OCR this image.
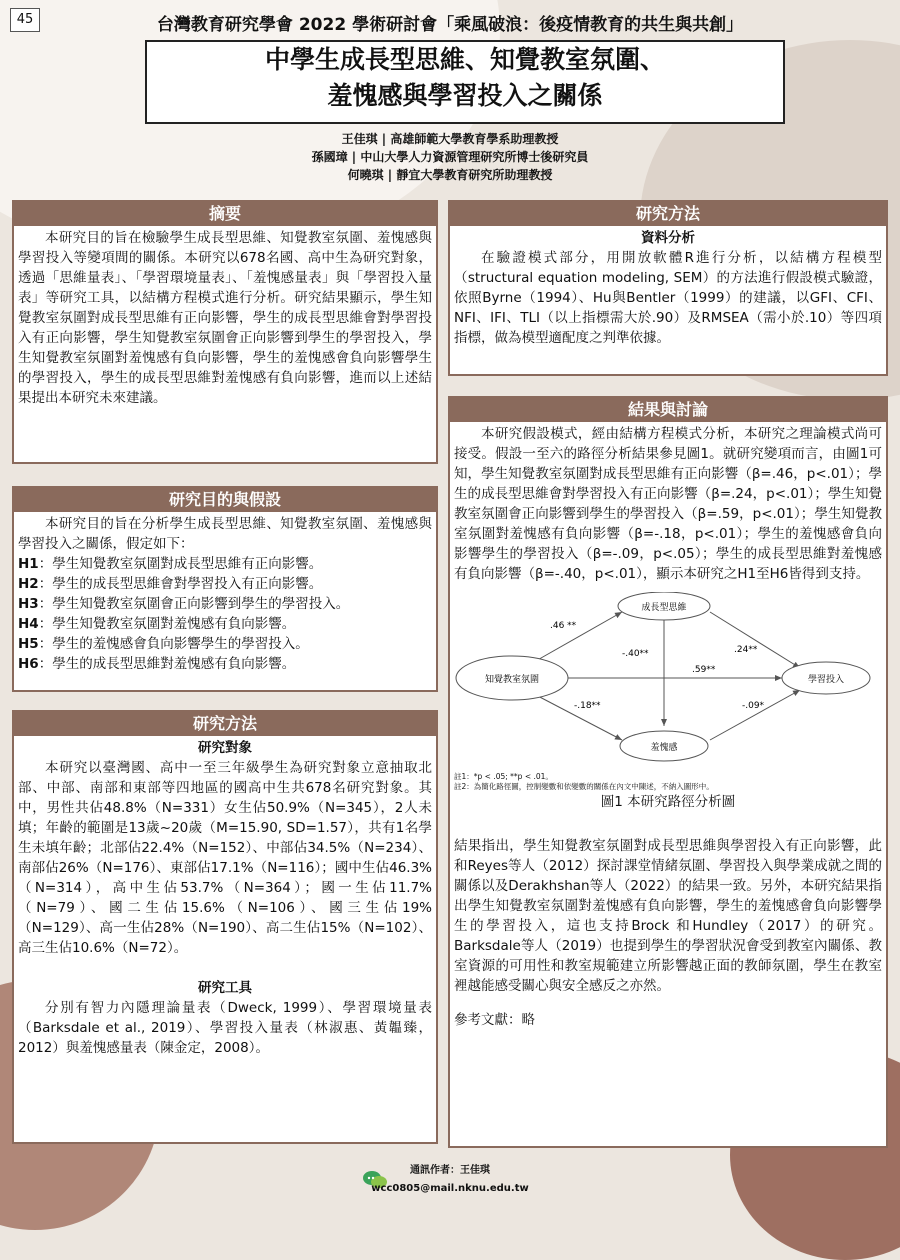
45	台灣教育研究學會 2022 學術研討會「乘風破浪：後疫情教育的共生與共創」
中學生成長型思維、知覺教室氛圍、
羞愧感與學習投入之關係
王佳琪 | 高雄師範大學教育學系助理教授
孫國璋 | 中山大學人力資源管理研究所博士後研究員
何曉琪 | 靜宜大學教育研究所助理教授
摘要

本研究目的旨在檢驗學生成長型思維、知覺教室氛圍、羞愧感與學習投入等變項間的關係。本研究以678名國、高中生為研究對象，透過「思維量表」、「學習環境量表」、「羞愧感量表」與「學習投入量表」等研究工具，以結構方程模式進行分析。研究結果顯示，學生知覺教室氛圍對成長型思維有正向影響，學生的成長型思維會對學習投入有正向影響，學生知覺教室氛圍會正向影響到學生的學習投入，學生知覺教室氛圍對羞愧感有負向影響，學生的羞愧感會負向影響學生的學習投入，學生的成長型思維對羞愧感有負向影響，進而以上述結果提出本研究未來建議。

研究目的與假設

本研究目的旨在分析學生成長型思維、知覺教室氛圍、羞愧感與學習投入之關係，假定如下：

H1：學生知覺教室氛圍對成長型思維有正向影響。

H2：學生的成長型思維會對學習投入有正向影響。

H3：學生知覺教室氛圍會正向影響到學生的學習投入。

H4：學生知覺教室氛圍對羞愧感有負向影響。

H5：學生的羞愧感會負向影響學生的學習投入。

H6：學生的成長型思維對羞愧感有負向影響。

研究方法

研究對象

本研究以臺灣國、高中一至三年級學生為研究對象立意抽取北部、中部、南部和東部等四地區的國高中生共678名研究對象。其中，男性共佔48.8%（N=331）女生佔50.9%（N=345），2人未填；年齡的範圍是13歲~20歲（M=15.90, SD=1.57），共有1名學生未填年齡；北部佔22.4%（N=152）、中部佔34.5%（N=234）、南部佔26%（N=176）、東部佔17.1%（N=116）；國中生佔46.3%（N=314），高中生佔53.7%（N=364）；國一生佔11.7%（N=79）、國二生佔15.6%（N=106）、國三生佔19%（N=129）、高一生佔28%（N=190）、高二生佔15%（N=102）、高三生佔10.6%（N=72）。

研究工具

分別有智力內隱理論量表（Dweck, 1999）、學習環境量表（Barksdale et al., 2019）、學習投入量表（林淑惠、黃韞臻，2012）與羞愧感量表（陳金定，2008）。

研究方法

資料分析

在驗證模式部分，用開放軟體R進行分析，以結構方程模型（structural equation modeling, SEM）的方法進行假設模式驗證，依照Byrne（1994）、Hu與Bentler（1999）的建議，以GFI、CFI、NFI、IFI、TLI（以上指標需大於.90）及RMSEA（需小於.10）等四項指標，做為模型適配度之判準依據。

結果與討論

本研究假設模式，經由結構方程模式分析，本研究之理論模式尚可接受。假設一至六的路徑分析結果參見圖1。就研究變項而言，由圖1可知，學生知覺教室氛圍對成長型思維有正向影響（β=.46，p<.01）；學生的成長型思維會對學習投入有正向影響（β=.24，p<.01）；學生知覺教室氛圍會正向影響到學生的學習投入（β=.59，p<.01）；學生知覺教室氛圍對羞愧感有負向影響（β=-.18，p<.01）；學生的羞愧感會負向影響學生的學習投入（β=-.09，p<.05）；學生的成長型思維對羞愧感有負向影響（β=-.40，p<.01），顯示本研究之H1至H6皆得到支持。

成長型思維
知覺教室氛圍	學習投入
羞愧感
.46 **
.24**
.59**
-.40**
-.18**	-.09*

註1：*p < .05; **p < .01。

註2：為簡化路徑圖，控制變數和依變數的關係在內文中陳述，不納入圖形中。

圖1 本研究路徑分析圖

結果指出，學生知覺教室氛圍對成長型思維與學習投入有正向影響，此和Reyes等人（2012）探討課堂情緒氛圍、學習投入與學業成就之間的關係以及Derakhshan等人（2022）的結果一致。另外，本研究結果指出學生知覺教室氛圍對羞愧感有負向影響，學生的羞愧感會負向影響學生的學習投入，這也支持Brock 和Hundley（2017）的研究。Barksdale等人（2019）也提到學生的學習狀況會受到教室內關係、教室資源的可用性和教室規範建立所影響越正面的教師氛圍，學生在教室裡越能感受關心與安全感反之亦然。

參考文獻：略

通訊作者：王佳琪
wcc0805@mail.nknu.edu.tw
